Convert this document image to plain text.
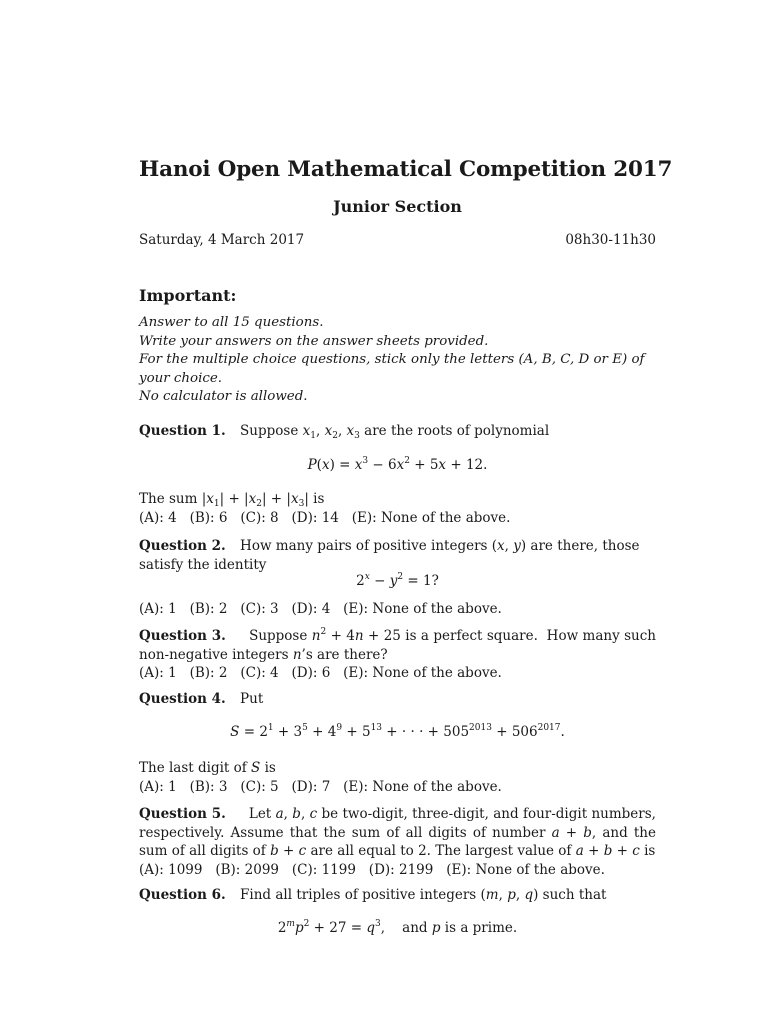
Hanoi Open Mathematical Competition 2017
Junior Section
Saturday, 4 March 2017	08h30-11h30
Important:
Answer to all 15 questions.
Write your answers on the answer sheets provided.
For the multiple choice questions, stick only the letters (A, B, C, D or E) of your choice.
No calculator is allowed.
Question 1. Suppose $x_1$, $x_2$, $x_3$ are the roots of polynomial
$P(x) = x^3 - 6x^2 + 5x + 12$.
The sum $|x_1| + |x_2| + |x_3|$ is
(A): 4   (B): 6   (C): 8   (D): 14   (E): None of the above.
Question 2. How many pairs of positive integers (x, y) are there, those satisfy the identity
$2^x - y^2 = 1$?
(A): 1   (B): 2   (C): 3   (D): 4   (E): None of the above.
Question 3.   Suppose $n^2 + 4n + 25$ is a perfect square.  How many such non-negative integers n’s are there?
(A): 1   (B): 2   (C): 4   (D): 6   (E): None of the above.
Question 4. Put
$S = 2^1 + 3^5 + 4^9 + 5^{13}$ + · · · + $505^{2013} + 506^{2017}$.
The last digit of S is
(A): 1   (B): 3   (C): 5   (D): 7   (E): None of the above.
Question 5.   Let a, b, c be two-digit, three-digit, and four-digit numbers, respectively. Assume that the sum of all digits of number a + b, and the sum of all digits of b + c are all equal to 2. The largest value of a + b + c is
(A): 1099   (B): 2099   (C): 1199   (D): 2199   (E): None of the above.
Question 6. Find all triples of positive integers (m, p, q) such that
$2^mp^2 + 27 = q^3$,    and p is a prime.
